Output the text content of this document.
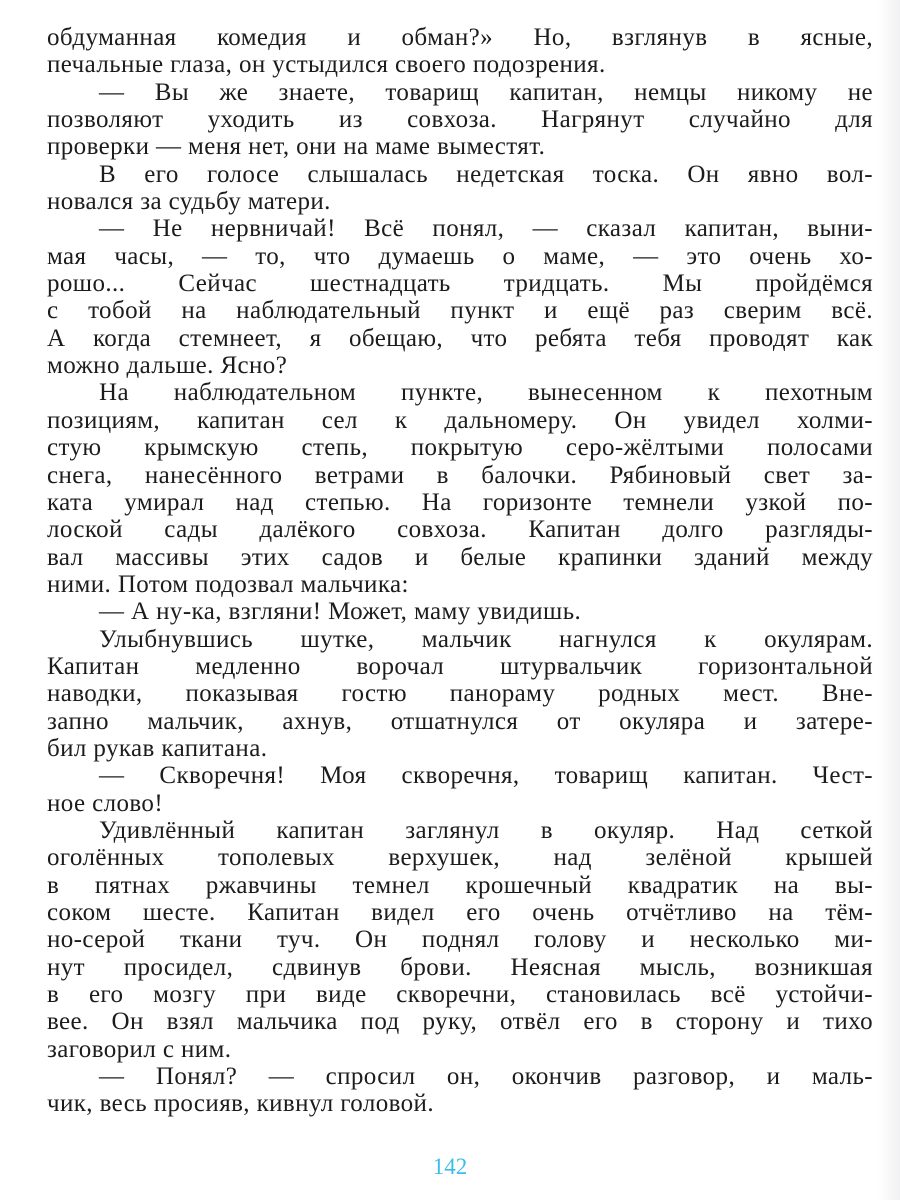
обдуманная комедия и обман?» Но, взглянув в ясные,
печальные глаза, он устыдился своего подозрения.
— Вы же знаете, товарищ капитан, немцы никому не
позволяют уходить из совхоза. Нагрянут случайно для
проверки — меня нет, они на маме выместят.
В его голосе слышалась недетская тоска. Он явно вол-
новался за судьбу матери.
— Не нервничай! Всё понял, — сказал капитан, выни-
мая часы, — то, что думаешь о маме, — это очень хо-
рошо... Сейчас шестнадцать тридцать. Мы пройдёмся
с тобой на наблюдательный пункт и ещё раз сверим всё.
А когда стемнеет, я обещаю, что ребята тебя проводят как
можно дальше. Ясно?
На наблюдательном пункте, вынесенном к пехотным
позициям, капитан сел к дальномеру. Он увидел холми-
стую крымскую степь, покрытую серо-жёлтыми полосами
снега, нанесённого ветрами в балочки. Рябиновый свет за-
ката умирал над степью. На горизонте темнели узкой по-
лоской сады далёкого совхоза. Капитан долго разгляды-
вал массивы этих садов и белые крапинки зданий между
ними. Потом подозвал мальчика:
— А ну-ка, взгляни! Может, маму увидишь.
Улыбнувшись шутке, мальчик нагнулся к окулярам.
Капитан медленно ворочал штурвальчик горизонтальной
наводки, показывая гостю панораму родных мест. Вне-
запно мальчик, ахнув, отшатнулся от окуляра и затере-
бил рукав капитана.
— Скворечня! Моя скворечня, товарищ капитан. Чест-
ное слово!
Удивлённый капитан заглянул в окуляр. Над сеткой
оголённых тополевых верхушек, над зелёной крышей
в пятнах ржавчины темнел крошечный квадратик на вы-
соком шесте. Капитан видел его очень отчётливо на тём-
но-серой ткани туч. Он поднял голову и несколько ми-
нут просидел, сдвинув брови. Неясная мысль, возникшая
в его мозгу при виде скворечни, становилась всё устойчи-
вее. Он взял мальчика под руку, отвёл его в сторону и тихо
заговорил с ним.
— Понял? — спросил он, окончив разговор, и маль-
чик, весь просияв, кивнул головой.
142
